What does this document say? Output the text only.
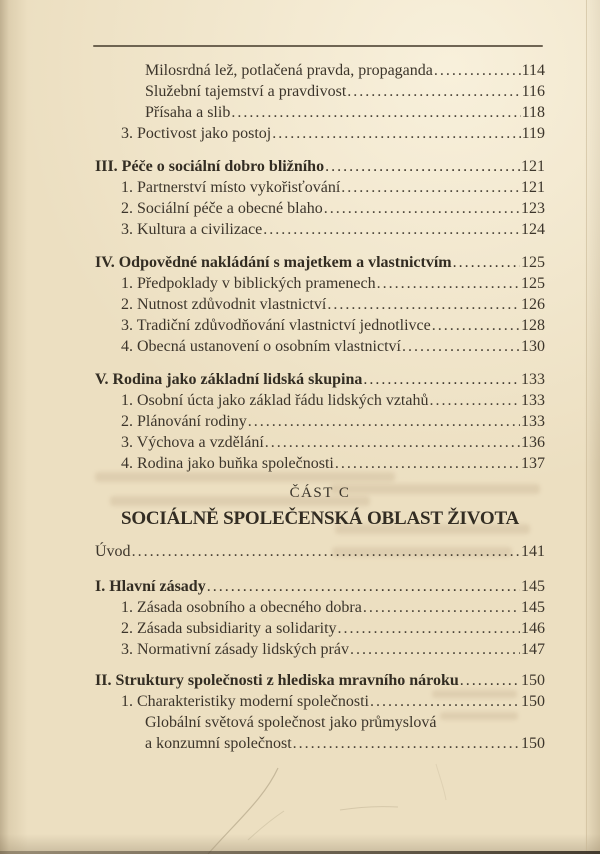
Milosrdná lež, potlačená pravda, propaganda .....	114
Služební tajemství a pravdivost .....	116
Přísaha a slib .....	118
3. Poctivost jako postoj .....	119
III. Péče o sociální dobro bližního .....	121
1. Partnerství místo vykořisťování .....	121
2. Sociální péče a obecné blaho .....	123
3. Kultura a civilizace .....	124
IV. Odpovědné nakládání s majetkem a vlastnictvím .....	125
1. Předpoklady v biblických pramenech .....	125
2. Nutnost zdůvodnit vlastnictví .....	126
3. Tradiční zdůvodňování vlastnictví jednotlivce .....	128
4. Obecná ustanovení o osobním vlastnictví .....	130
V. Rodina jako základní lidská skupina .....	133
1. Osobní úcta jako základ řádu lidských vztahů .....	133
2. Plánování rodiny .....	133
3. Výchova a vzdělání .....	136
4. Rodina jako buňka společnosti .....	137
ČÁST C
SOCIÁLNĚ SPOLEČENSKÁ OBLAST ŽIVOTA
Úvod .....	141
I. Hlavní zásady .....	145
1. Zásada osobního a obecného dobra .....	145
2. Zásada subsidiarity a solidarity .....	146
3. Normativní zásady lidských práv .....	147
II. Struktury společnosti z hlediska mravního nároku .....	150
1. Charakteristiky moderní společnosti .....	150
Globální světová společnost jako průmyslová
a konzumní společnost .....	150
